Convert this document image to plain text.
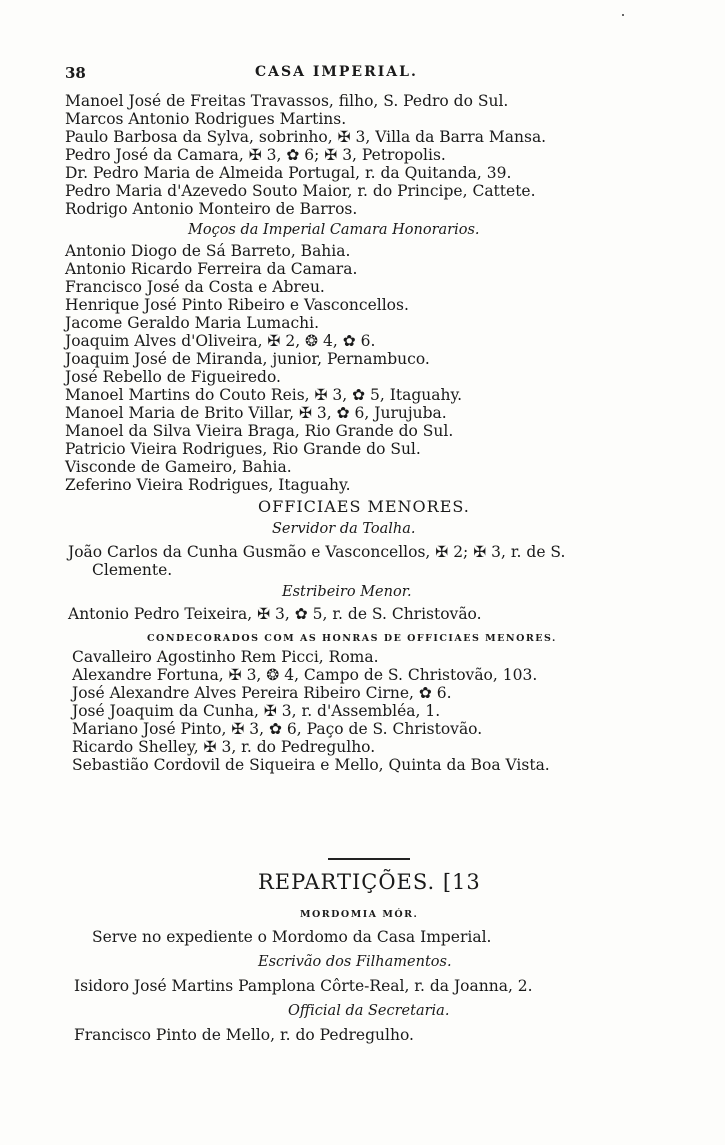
38	CASA IMPERIAL.
Manoel José de Freitas Travassos, filho, S. Pedro do Sul.
Marcos Antonio Rodrigues Martins.
Paulo Barbosa da Sylva, sobrinho, ✠ 3, Villa da Barra Mansa.
Pedro José da Camara, ✠ 3, ✿ 6; ✠ 3, Petropolis.
Dr. Pedro Maria de Almeida Portugal, r. da Quitanda, 39.
Pedro Maria d'Azevedo Souto Maior, r. do Principe, Cattete.
Rodrigo Antonio Monteiro de Barros.
Moços da Imperial Camara Honorarios.
Antonio Diogo de Sá Barreto, Bahia.
Antonio Ricardo Ferreira da Camara.
Francisco José da Costa e Abreu.
Henrique José Pinto Ribeiro e Vasconcellos.
Jacome Geraldo Maria Lumachi.
Joaquim Alves d'Oliveira, ✠ 2, ❂ 4, ✿ 6.
Joaquim José de Miranda, junior, Pernambuco.
José Rebello de Figueiredo.
Manoel Martins do Couto Reis, ✠ 3, ✿ 5, Itaguahy.
Manoel Maria de Brito Villar, ✠ 3, ✿ 6, Jurujuba.
Manoel da Silva Vieira Braga, Rio Grande do Sul.
Patricio Vieira Rodrigues, Rio Grande do Sul.
Visconde de Gameiro, Bahia.
Zeferino Vieira Rodrigues, Itaguahy.
OFFICIAES MENORES.
Servidor da Toalha.
João Carlos da Cunha Gusmão e Vasconcellos, ✠ 2; ✠ 3, r. de S.
Clemente.
Estribeiro Menor.
Antonio Pedro Teixeira, ✠ 3, ✿ 5, r. de S. Christovão.
CONDECORADOS COM AS HONRAS DE OFFICIAES MENORES.
Cavalleiro Agostinho Rem Picci, Roma.
Alexandre Fortuna, ✠ 3, ❂ 4, Campo de S. Christovão, 103.
José Alexandre Alves Pereira Ribeiro Cirne, ✿ 6.
José Joaquim da Cunha, ✠ 3, r. d'Assembléa, 1.
Mariano José Pinto, ✠ 3, ✿ 6, Paço de S. Christovão.
Ricardo Shelley, ✠ 3, r. do Pedregulho.
Sebastião Cordovil de Siqueira e Mello, Quinta da Boa Vista.
REPARTIÇÕES. [13
MORDOMIA MÓR.
Serve no expediente o Mordomo da Casa Imperial.
Escrivão dos Filhamentos.
Isidoro José Martins Pamplona Côrte-Real, r. da Joanna, 2.
Official da Secretaria.
Francisco Pinto de Mello, r. do Pedregulho.
